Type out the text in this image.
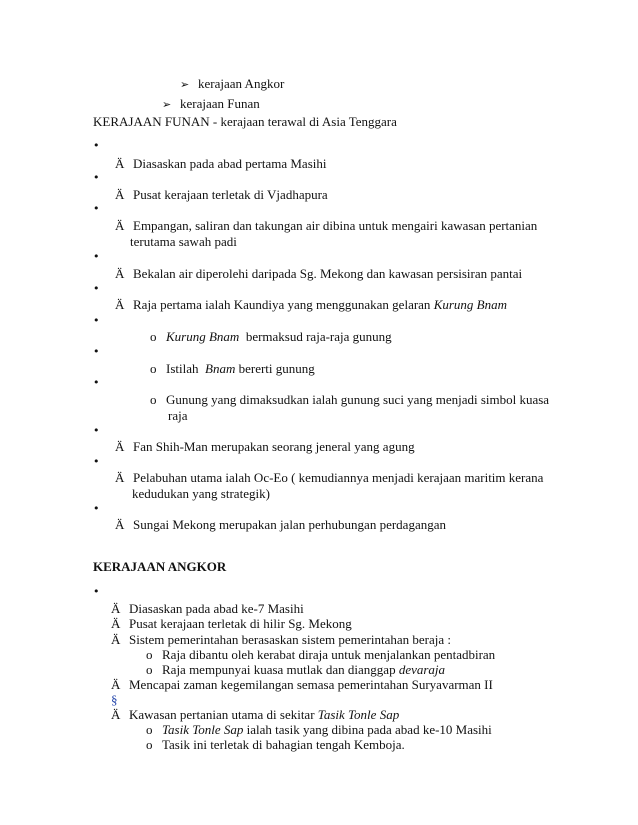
➢ kerajaan Angkor
➢ kerajaan Funan
KERAJAAN FUNAN - kerajaan terawal di Asia Tenggara
•
Ä Diasaskan pada abad pertama Masihi
•
Ä Pusat kerajaan terletak di Vjadhapura
•
Ä Empangan, saliran dan takungan air dibina untuk mengairi kawasan pertanian
terutama sawah padi
•
Ä Bekalan air diperolehi daripada Sg. Mekong dan kawasan persisiran pantai
•
Ä Raja pertama ialah Kaundiya yang menggunakan gelaran Kurung Bnam
•
o Kurung Bnam bermaksud raja-raja gunung
•
o Istilah Bnam bererti gunung
•
o Gunung yang dimaksudkan ialah gunung suci yang menjadi simbol kuasa
raja
•
Ä Fan Shih-Man merupakan seorang jeneral yang agung
•
Ä Pelabuhan utama ialah Oc-Eo ( kemudiannya menjadi kerajaan maritim kerana
kedudukan yang strategik)
•
Ä Sungai Mekong merupakan jalan perhubungan perdagangan
KERAJAAN ANGKOR
•
Ä Diasaskan pada abad ke-7 Masihi
Ä Pusat kerajaan terletak di hilir Sg. Mekong
Ä Sistem pemerintahan berasaskan sistem pemerintahan beraja :
o Raja dibantu oleh kerabat diraja untuk menjalankan pentadbiran
o Raja mempunyai kuasa mutlak dan dianggap devaraja
Ä Mencapai zaman kegemilangan semasa pemerintahan Suryavarman II
§
Ä Kawasan pertanian utama di sekitar Tasik Tonle Sap
o Tasik Tonle Sap ialah tasik yang dibina pada abad ke-10 Masihi
o Tasik ini terletak di bahagian tengah Kemboja.
